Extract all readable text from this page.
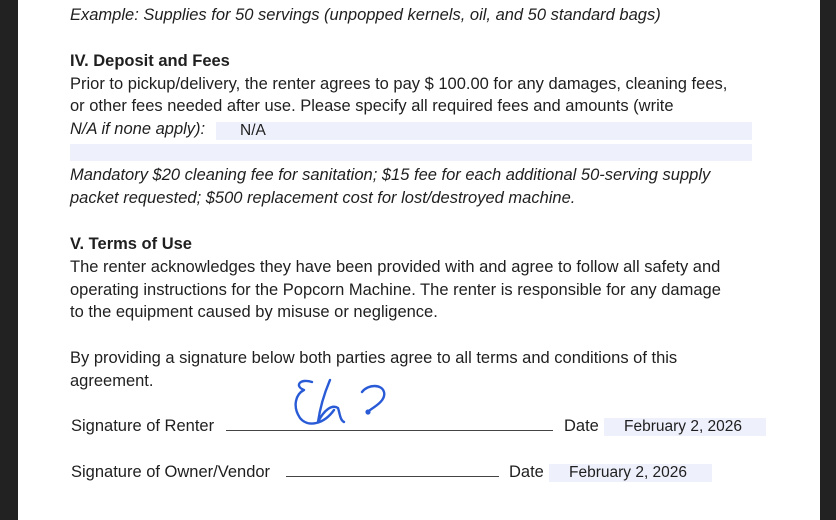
Example: Supplies for 50 servings (unpopped kernels, oil, and 50 standard bags)
IV. Deposit and Fees
Prior to pickup/delivery, the renter agrees to pay $ 100.00 for any damages, cleaning fees,
or other fees needed after use. Please specify all required fees and amounts (write
N/A if none apply):	N/A
Mandatory $20 cleaning fee for sanitation; $15 fee for each additional 50-serving supply
packet requested; $500 replacement cost for lost/destroyed machine.
V. Terms of Use
The renter acknowledges they have been provided with and agree to follow all safety and
operating instructions for the Popcorn Machine. The renter is responsible for any damage
to the equipment caused by misuse or negligence.
By providing a signature below both parties agree to all terms and conditions of this
agreement.
Signature of Renter	Date	February 2, 2026
Signature of Owner/Vendor	Date	February 2, 2026
